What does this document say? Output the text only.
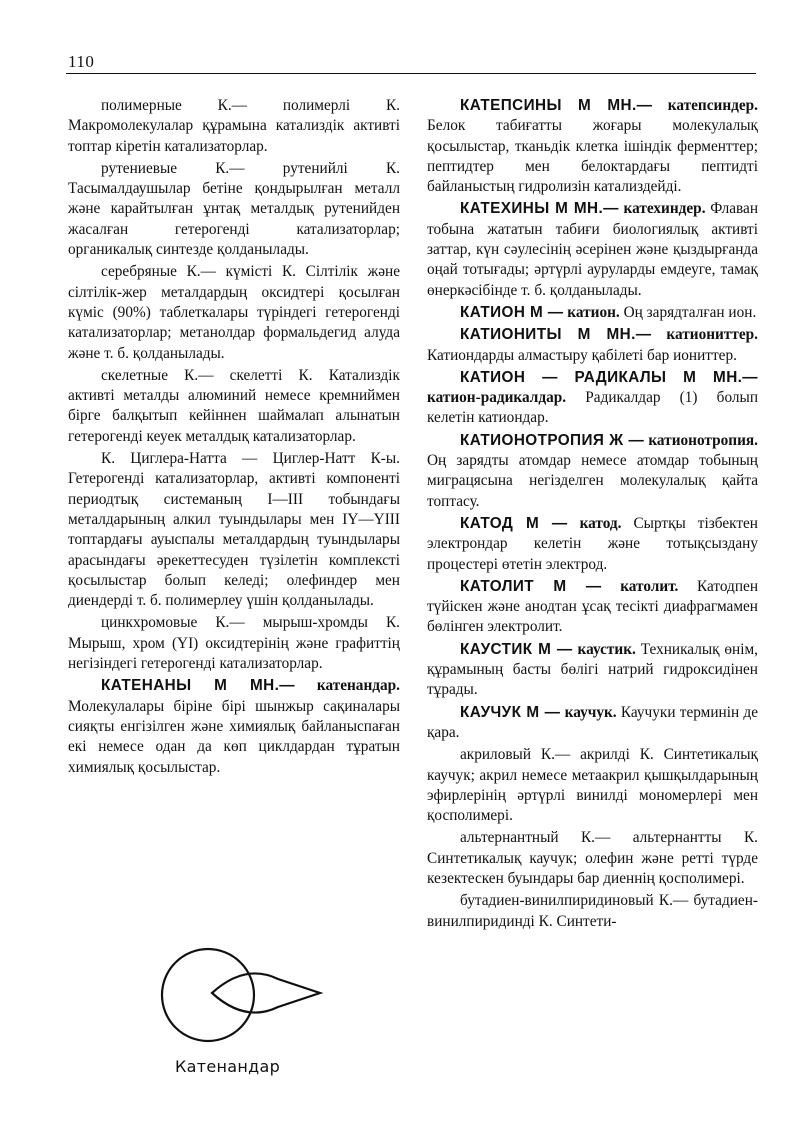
110

полимерные К.— полимерлі К. Макромолекулалар құрамына катализдік активті топтар кіретін катализаторлар.

рутениевые К.— рутенийлі К. Тасымалдаушылар бетіне қондырылған металл және карайтылған ұнтақ металдық рутенийден жасалған гетерогенді катализаторлар; органикалық синтезде қолданылады.

серебряные К.— күмісті К. Сілтілік және сілтілік-жер металдардың оксидтері қосылған күміс (90%) таблеткалары түріндегі гетерогенді катализаторлар; метанолдар формальдегид алуда және т. б. қолданылады.

скелетные К.— скелетті К. Катализдік активті металды алюминий немесе кремниймен бірге балқытып кейіннен шаймалап алынатын гетерогенді кеуек металдық катализаторлар.

К. Циглера-Натта — Циглер-Натт К-ы. Гетерогенді катализаторлар, активті компоненті периодтық системаның I—III тобындағы металдарының алкил туындылары мен IY—YIII топтардағы ауыспалы металдардың туындылары арасындағы әрекеттесуден түзілетін комплексті қосылыстар болып келеді; олефиндер мен диендерді т. б. полимерлеу үшін қолданылады.

цинкхромовые К.— мырыш-хромды К. Мырыш, хром (YI) оксидтерінің және графиттің негізіндегі гетерогенді катализаторлар.

КАТЕНАНЫ М МН.— катенандар. Молекулалары біріне бірі шынжыр сақиналары сияқты енгізілген және химиялық байланыспаған екі немесе одан да көп циклдардан тұратын химиялық қосылыстар.

КАТЕПСИНЫ М МН.— катепсиндер. Белок табиғатты жоғары молекулалық қосылыстар, тканьдік клетка ішіндік ферменттер; пептидтер мен белоктардағы пептидті байланыстың гидролизін катализдейді.

КАТЕХИНЫ М МН.— катехиндер. Флаван тобына жататын табиғи биологиялық активті заттар, күн сәулесінің әсерінен және қыздырғанда оңай тотығады; әртүрлі ауруларды емдеуге, тамақ өнеркәсібінде т. б. қолданылады.

КАТИОН М — катион. Оң зарядталған ион.

КАТИОНИТЫ М МН.— катиониттер. Катиондарды алмастыру қабілеті бар иониттер.

КАТИОН — РАДИКАЛЫ М МН.— катион-радикалдар. Радикалдар (1) болып келетін катиондар.

КАТИОНОТРОПИЯ Ж — катионотропия. Оң зарядты атомдар немесе атомдар тобының миграцясына негізделген молекулалық қайта топтасу.

КАТОД М — катод. Сыртқы тізбектен электрондар келетін және тотықсыздану процестері өтетін электрод.

КАТОЛИТ М — католит. Катодпен түйіскен және анодтан ұсақ тесікті диафрагмамен бөлінген электролит.

КАУСТИК М — каустик. Техникалық өнім, құрамының басты бөлігі натрий гидроксидінен тұрады.

КАУЧУК М — каучук. Каучуки терминін де қара.

акриловый К.— акрилді К. Синтетикалық каучук; акрил немесе метаакрил қышқылдарының эфирлерінің әртүрлі винилді мономерлері мен қосполимері.

альтернантный К.— альтернантты К. Синтетикалық каучук; олефин және ретті түрде кезектескен буындары бар диеннің қосполимері.

бутадиен-винилпиридиновый К.— бутадиен-винилпиридинді К. Синтети-

Катенандар
